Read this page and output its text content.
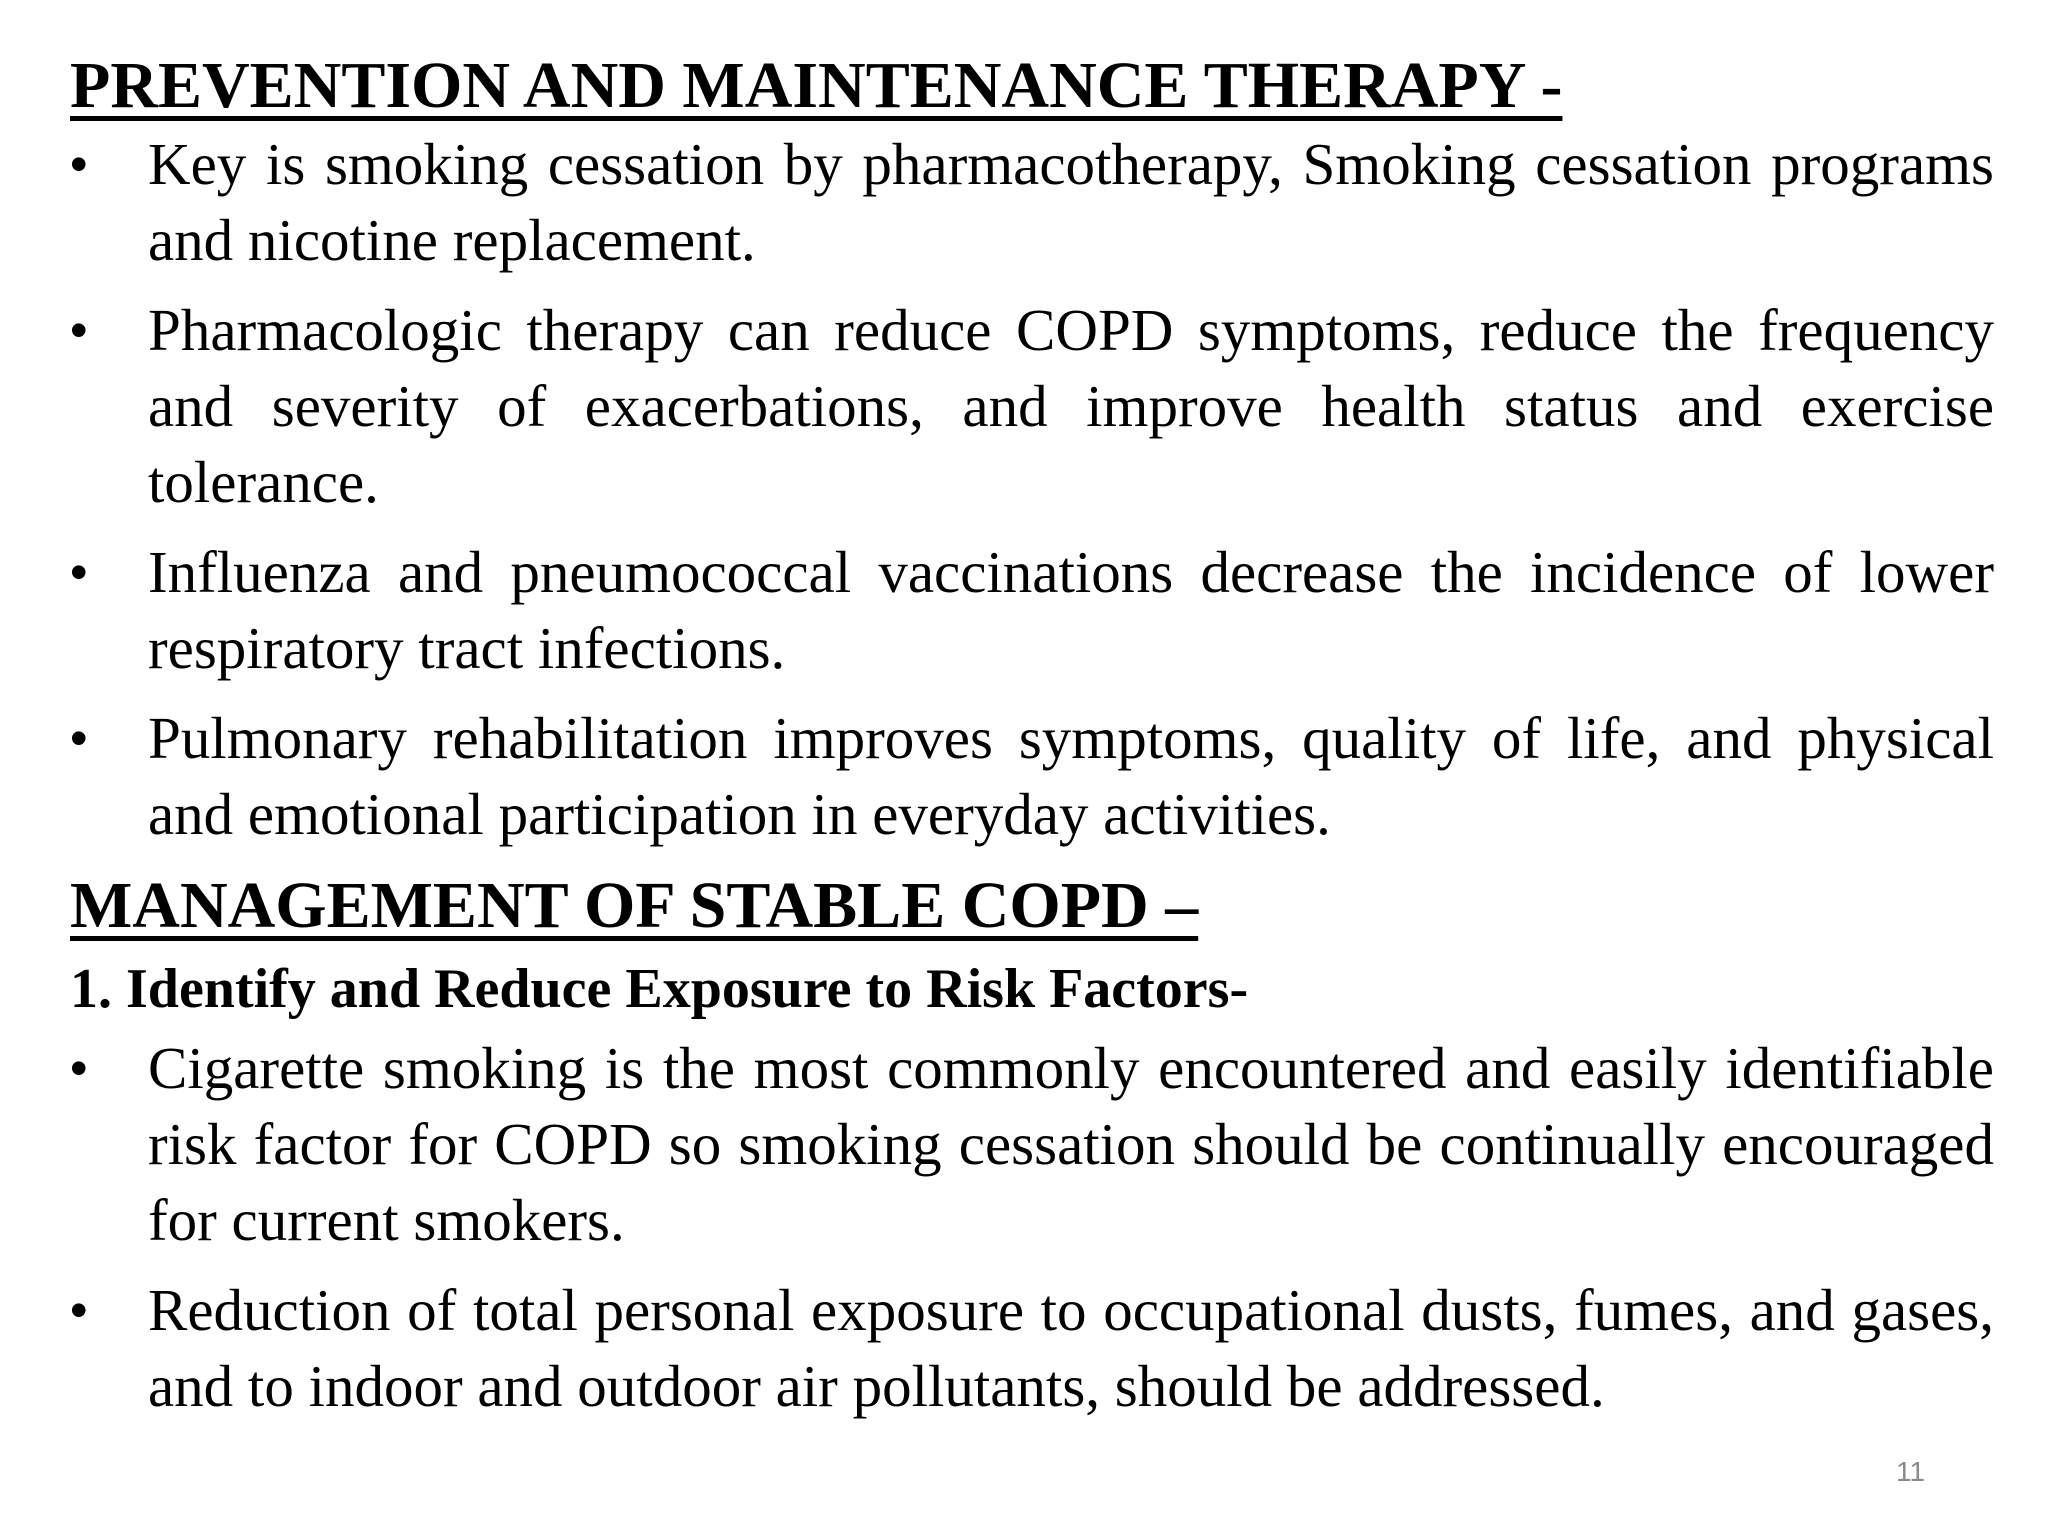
PREVENTION AND MAINTENANCE THERAPY -
• Key is smoking cessation by pharmacotherapy, Smoking cessation programs and nicotine replacement.
• Pharmacologic therapy can reduce COPD symptoms, reduce the frequency and severity of exacerbations, and improve health status and exercise tolerance.
• Influenza and pneumococcal vaccinations decrease the incidence of lower respiratory tract infections.
• Pulmonary rehabilitation improves symptoms, quality of life, and physical and emotional participation in everyday activities.
MANAGEMENT OF STABLE COPD –
1. Identify and Reduce Exposure to Risk Factors-
• Cigarette smoking is the most commonly encountered and easily identifiable risk factor for COPD so smoking cessation should be continually encouraged for current smokers.
• Reduction of total personal exposure to occupational dusts, fumes, and gases, and to indoor and outdoor air pollutants, should be addressed.
11
